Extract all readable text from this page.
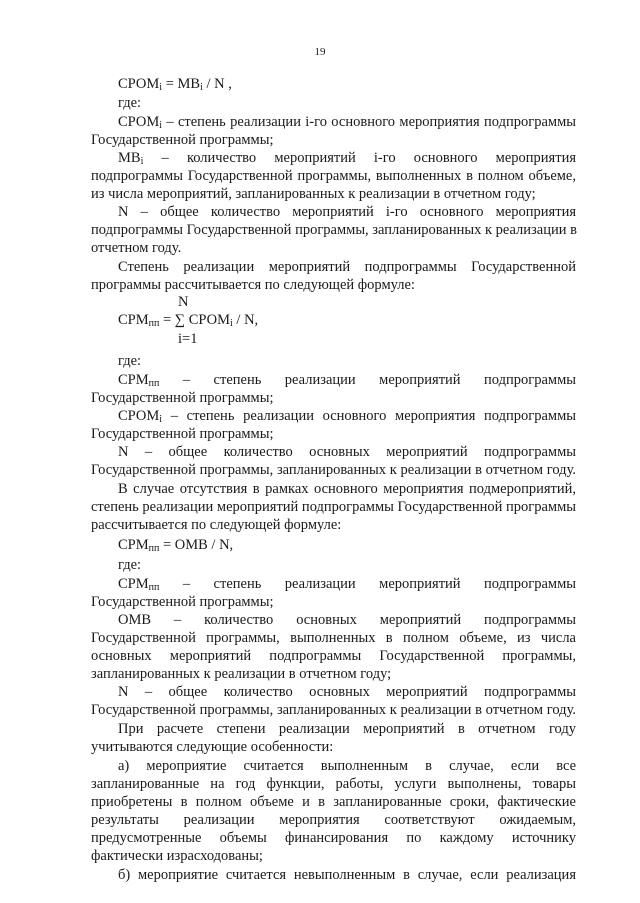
19
$СРОМ_i = МВ_i / N$ ,
где:
$СРОМ_i$ – степень реализации i-го основного мероприятия подпрограммы
Государственной программы;
$МВ_i$ – количество мероприятий i-го основного мероприятия
подпрограммы Государственной программы, выполненных в полном объеме,
из числа мероприятий, запланированных к реализации в отчетном году;
N – общее количество мероприятий i-го основного мероприятия
подпрограммы Государственной программы, запланированных к реализации в
отчетном году.
Степень реализации мероприятий подпрограммы Государственной
программы рассчитывается по следующей формуле:
N
$СРМ_{пп}$ = ∑ $СРОМ_i$ / N,
i=1
где:
$СРМ_{пп}$ – степень реализации мероприятий подпрограммы
Государственной программы;
$СРОМ_i$ – степень реализации основного мероприятия подпрограммы
Государственной программы;
N – общее количество основных мероприятий подпрограммы
Государственной программы, запланированных к реализации в отчетном году.
В случае отсутствия в рамках основного мероприятия подмероприятий,
степень реализации мероприятий подпрограммы Государственной программы
рассчитывается по следующей формуле:
$СРМ_{пп}$ = ОМВ / N,
где:
$СРМ_{пп}$ – степень реализации мероприятий подпрограммы
Государственной программы;
ОМВ – количество основных мероприятий подпрограммы
Государственной программы, выполненных в полном объеме, из числа
основных мероприятий подпрограммы Государственной программы,
запланированных к реализации в отчетном году;
N – общее количество основных мероприятий подпрограммы
Государственной программы, запланированных к реализации в отчетном году.
При расчете степени реализации мероприятий в отчетном году
учитываются следующие особенности:
а) мероприятие считается выполненным в случае, если все
запланированные на год функции, работы, услуги выполнены, товары
приобретены в полном объеме и в запланированные сроки, фактические
результаты реализации мероприятия соответствуют ожидаемым,
предусмотренные объемы финансирования по каждому источнику
фактически израсходованы;
б) мероприятие считается невыполненным в случае, если реализация
